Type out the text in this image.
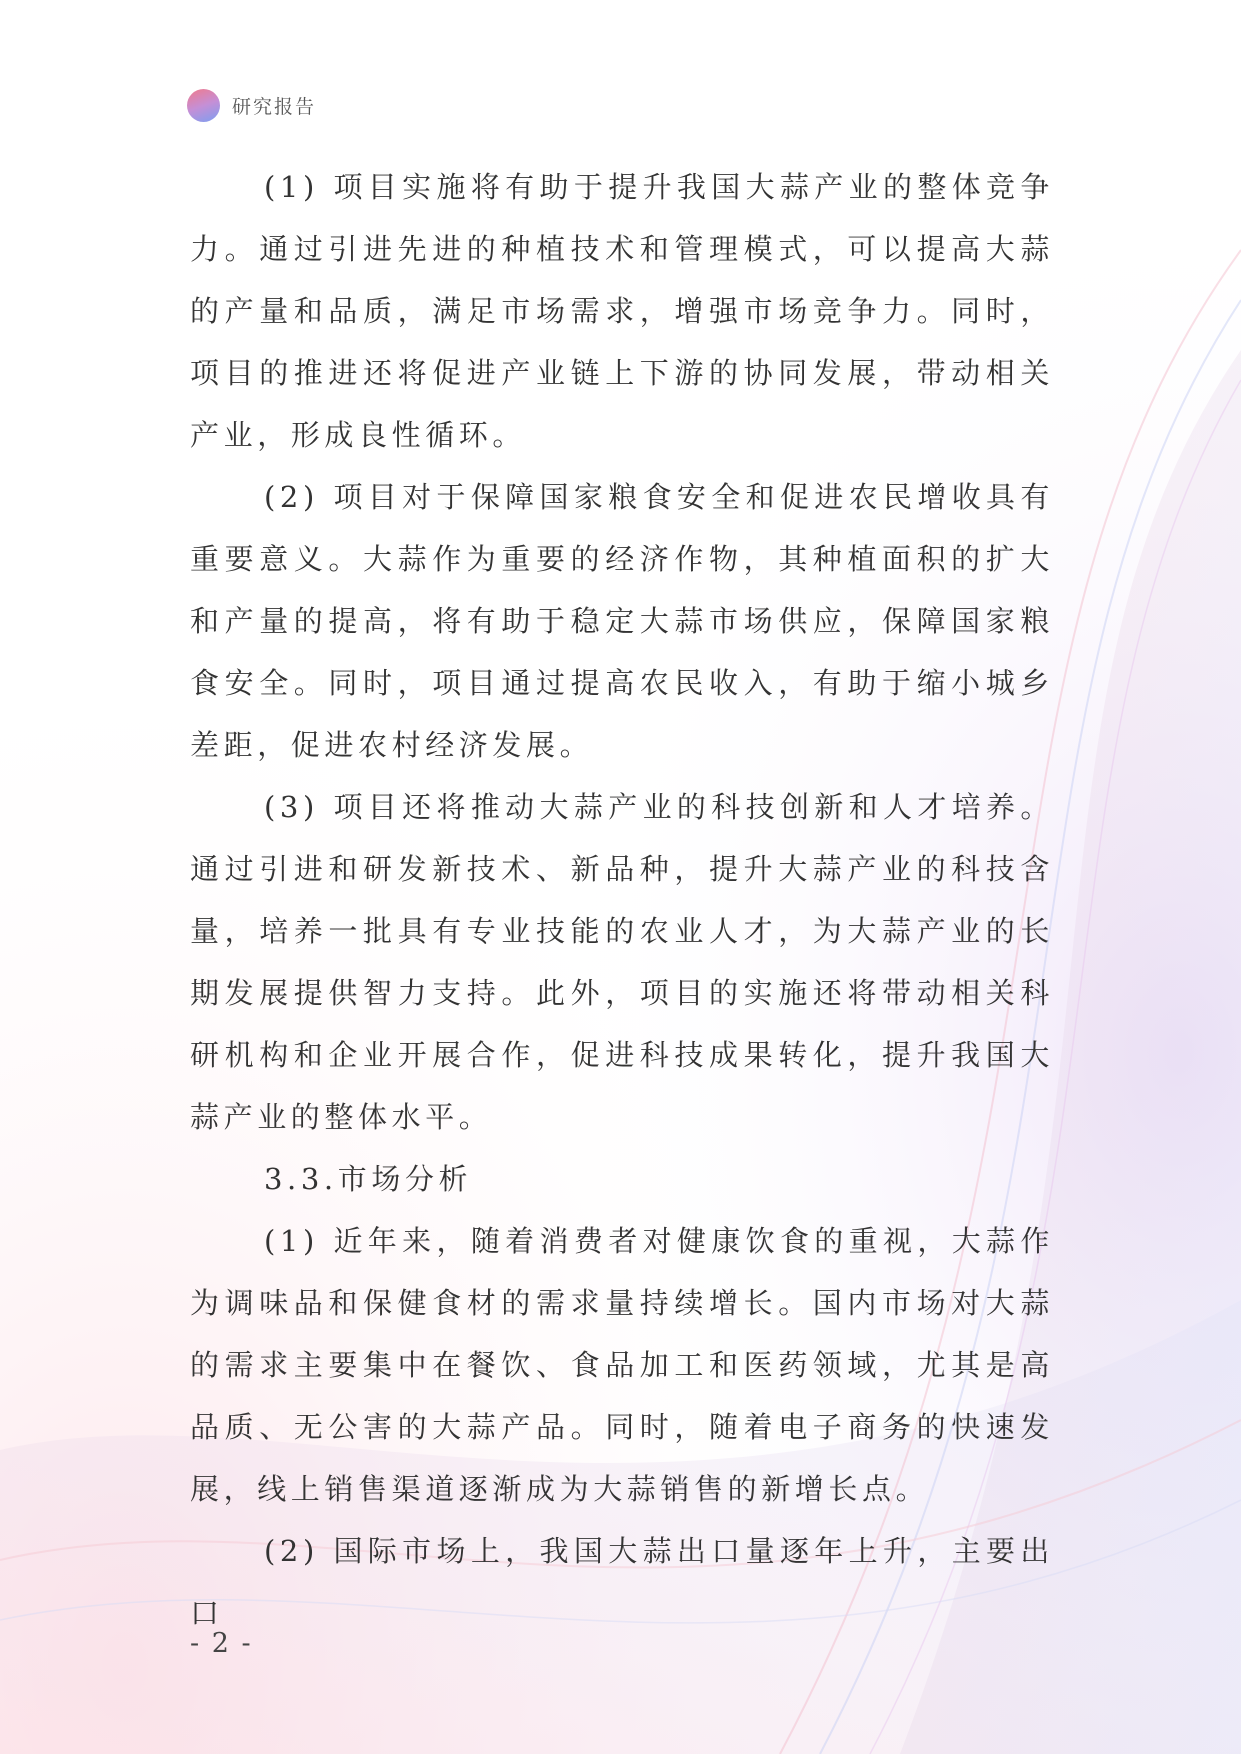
研究报告

(1) 项目实施将有助于提升我国大蒜产业的整体竞争力。通过引进先进的种植技术和管理模式，可以提高大蒜的产量和品质，满足市场需求，增强市场竞争力。同时，项目的推进还将促进产业链上下游的协同发展，带动相关产业，形成良性循环。

(2) 项目对于保障国家粮食安全和促进农民增收具有重要意义。大蒜作为重要的经济作物，其种植面积的扩大和产量的提高，将有助于稳定大蒜市场供应，保障国家粮食安全。同时，项目通过提高农民收入，有助于缩小城乡差距，促进农村经济发展。

(3) 项目还将推动大蒜产业的科技创新和人才培养。通过引进和研发新技术、新品种，提升大蒜产业的科技含量，培养一批具有专业技能的农业人才，为大蒜产业的长期发展提供智力支持。此外，项目的实施还将带动相关科研机构和企业开展合作，促进科技成果转化，提升我国大蒜产业的整体水平。

3.3.市场分析

(1) 近年来，随着消费者对健康饮食的重视，大蒜作为调味品和保健食材的需求量持续增长。国内市场对大蒜的需求主要集中在餐饮、食品加工和医药领域，尤其是高品质、无公害的大蒜产品。同时，随着电子商务的快速发展，线上销售渠道逐渐成为大蒜销售的新增长点。

(2) 国际市场上，我国大蒜出口量逐年上升，主要出口

- 2 -
